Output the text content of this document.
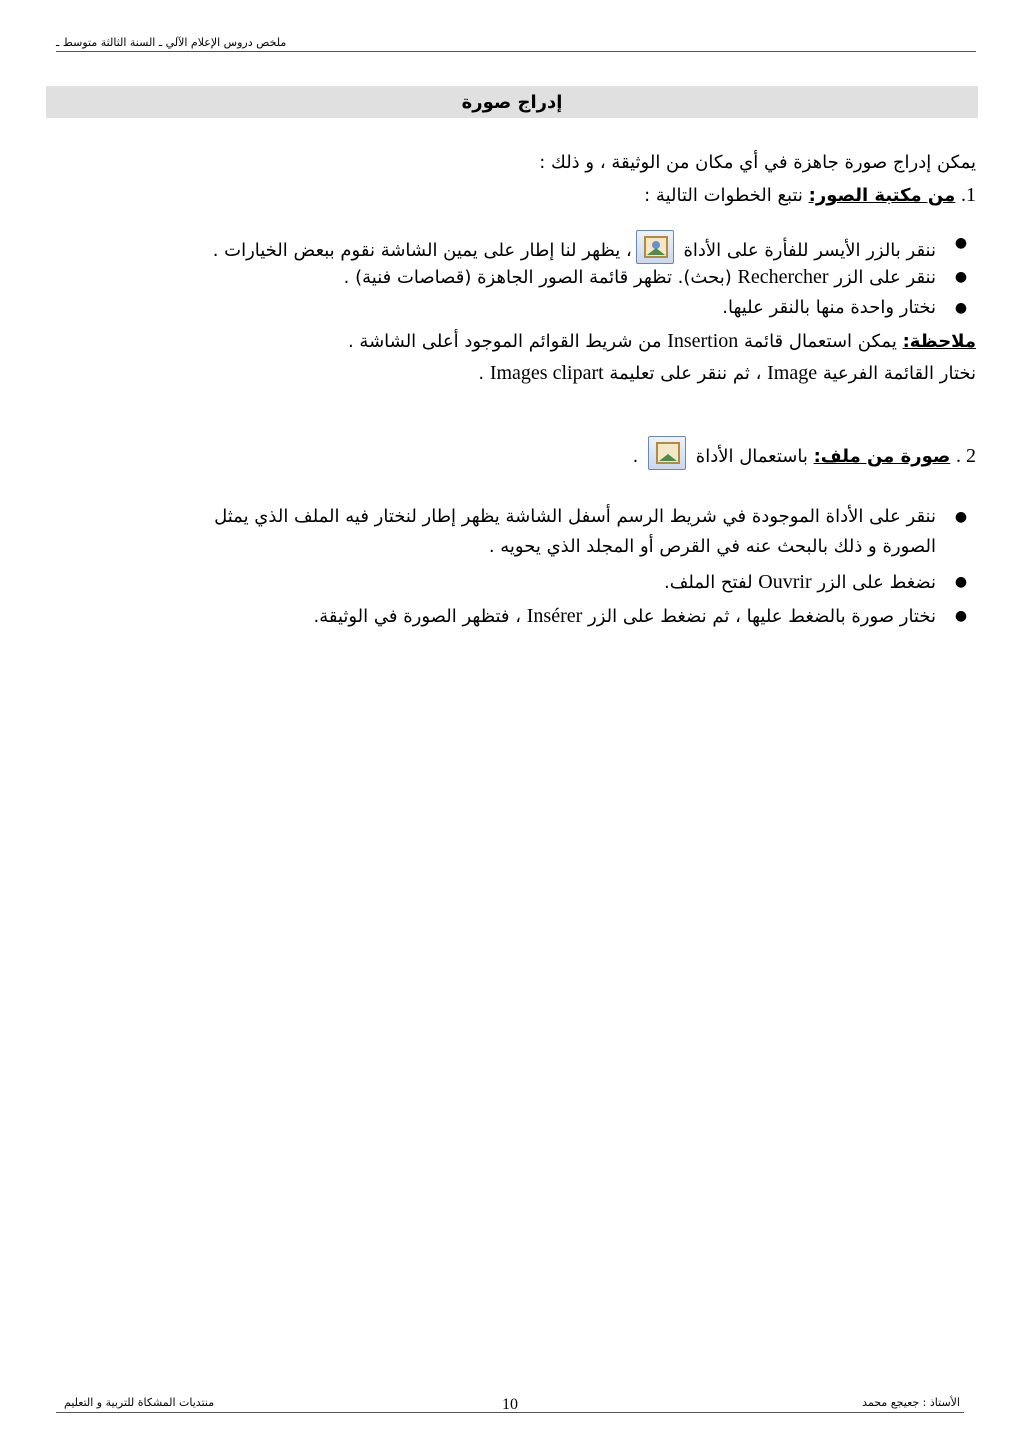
ملخص دروس الإعلام الآلي ـ السنة الثالثة متوسط ـ
إدراج صورة
يمكن إدراج صورة جاهزة في أي مكان من الوثيقة ، و ذلك :
1. من مكتبة الصور: نتبع الخطوات التالية :
●
ننقر بالزر الأيسر للفأرة على الأداة
، يظهر لنا إطار على يمين الشاشة نقوم ببعض الخيارات .
●
ننقر على الزر Rechercher (بحث). تظهر قائمة الصور الجاهزة (قصاصات فنية) .
●
نختار واحدة منها بالنقر عليها.
ملاحظة: يمكن استعمال قائمة Insertion من شريط القوائم الموجود أعلى الشاشة .
نختار القائمة الفرعية Image ، ثم ننقر على تعليمة Images clipart .
2 . صورة من ملف: باستعمال الأداة
.
●
ننقر على الأداة الموجودة في شريط الرسم أسفل الشاشة يظهر إطار لنختار فيه الملف الذي يمثل
الصورة و ذلك بالبحث عنه في القرص أو المجلد الذي يحويه .
●
نضغط على الزر Ouvrir لفتح الملف.
●
نختار صورة بالضغط عليها ، ثم نضغط على الزر Insérer ، فتظهر الصورة في الوثيقة.
منتديات المشكاة للتربية و التعليم	10	الأستاذ : جعيجع محمد
